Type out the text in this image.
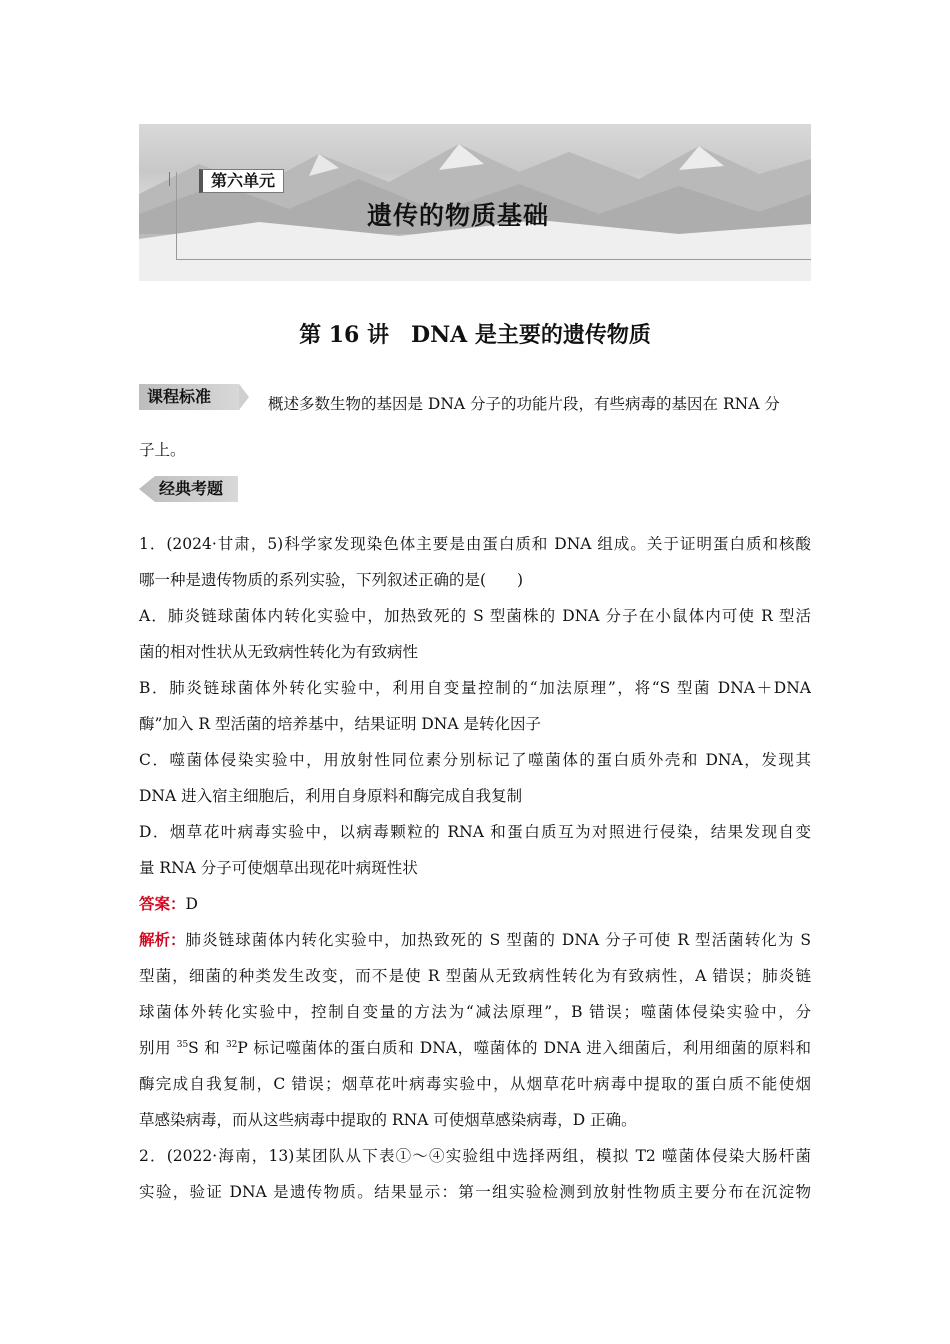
第六单元
遗传的物质基础
第 16 讲　DNA 是主要的遗传物质
课程标准	概述多数生物的基因是 DNA 分子的功能片段，有些病毒的基因在 RNA 分
子上。
经典考题
1．(2024·甘肃，5)科学家发现染色体主要是由蛋白质和 DNA 组成。关于证明蛋白质和核酸
哪一种是遗传物质的系列实验，下列叙述正确的是(　　)
A．肺炎链球菌体内转化实验中，加热致死的 S 型菌株的 DNA 分子在小鼠体内可使 R 型活
菌的相对性状从无致病性转化为有致病性
B．肺炎链球菌体外转化实验中，利用自变量控制的“加法原理”，将“S 型菌 DNA＋DNA
酶”加入 R 型活菌的培养基中，结果证明 DNA 是转化因子
C．噬菌体侵染实验中，用放射性同位素分别标记了噬菌体的蛋白质外壳和 DNA，发现其
DNA 进入宿主细胞后，利用自身原料和酶完成自我复制
D．烟草花叶病毒实验中，以病毒颗粒的 RNA 和蛋白质互为对照进行侵染，结果发现自变
量 RNA 分子可使烟草出现花叶病斑性状
答案：D
解析： 肺炎链球菌体内转化实验中，加热致死的 S 型菌的 DNA 分子可使 R 型活菌转化为 S
型菌，细菌的种类发生改变，而不是使 R 型菌从无致病性转化为有致病性，A 错误；肺炎链
球菌体外转化实验中，控制自变量的方法为“减法原理”，B 错误；噬菌体侵染实验中，分
别用 $^{35}$S 和 $^{32}$P 标记噬菌体的蛋白质和 DNA，噬菌体的 DNA 进入细菌后，利用细菌的原料和
酶完成自我复制，C 错误；烟草花叶病毒实验中，从烟草花叶病毒中提取的蛋白质不能使烟
草感染病毒，而从这些病毒中提取的 RNA 可使烟草感染病毒，D 正确。
2．(2022·海南，13)某团队从下表①～④实验组中选择两组，模拟 T2 噬菌体侵染大肠杆菌
实验，验证 DNA 是遗传物质。结果显示：第一组实验检测到放射性物质主要分布在沉淀物
